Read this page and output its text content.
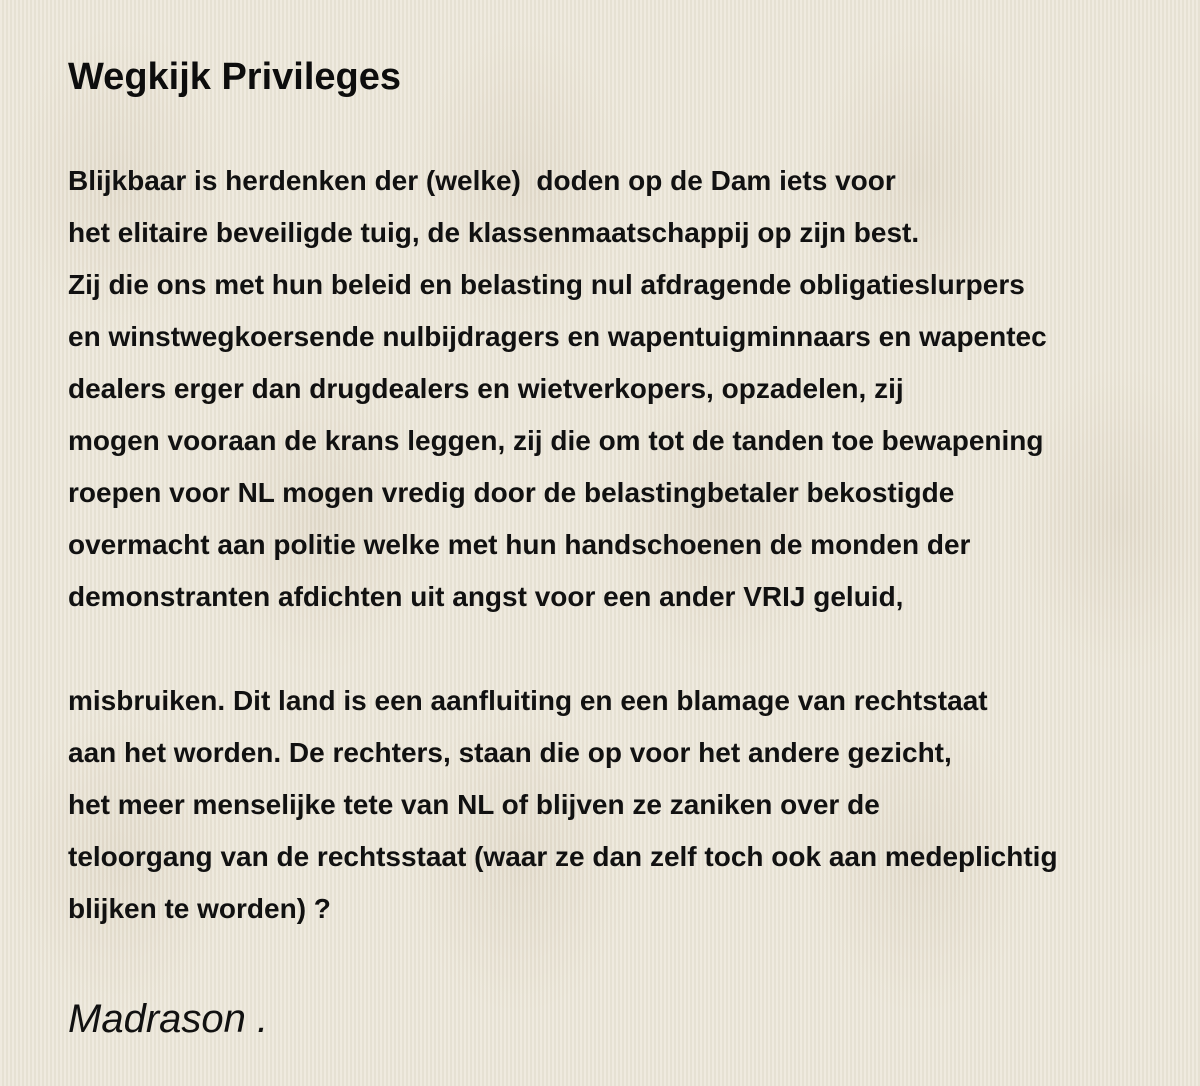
Wegkijk Privileges

Blijkbaar is herdenken der (welke)  doden op de Dam iets voor
het elitaire beveiligde tuig, de klassenmaatschappij op zijn best.
Zij die ons met hun beleid en belasting nul afdragende obligatieslurpers
en winstwegkoersende nulbijdragers en wapentuigminnaars en wapentec
dealers erger dan drugdealers en wietverkopers, opzadelen, zij
mogen vooraan de krans leggen, zij die om tot de tanden toe bewapening
roepen voor NL mogen vredig door de belastingbetaler bekostigde
overmacht aan politie welke met hun handschoenen de monden der
demonstranten afdichten uit angst voor een ander VRIJ geluid,

misbruiken. Dit land is een aanfluiting en een blamage van rechtstaat
aan het worden. De rechters, staan die op voor het andere gezicht,
het meer menselijke tete van NL of blijven ze zaniken over de
teloorgang van de rechtsstaat (waar ze dan zelf toch ook aan medeplichtig
blijken te worden) ?

Madrason .
